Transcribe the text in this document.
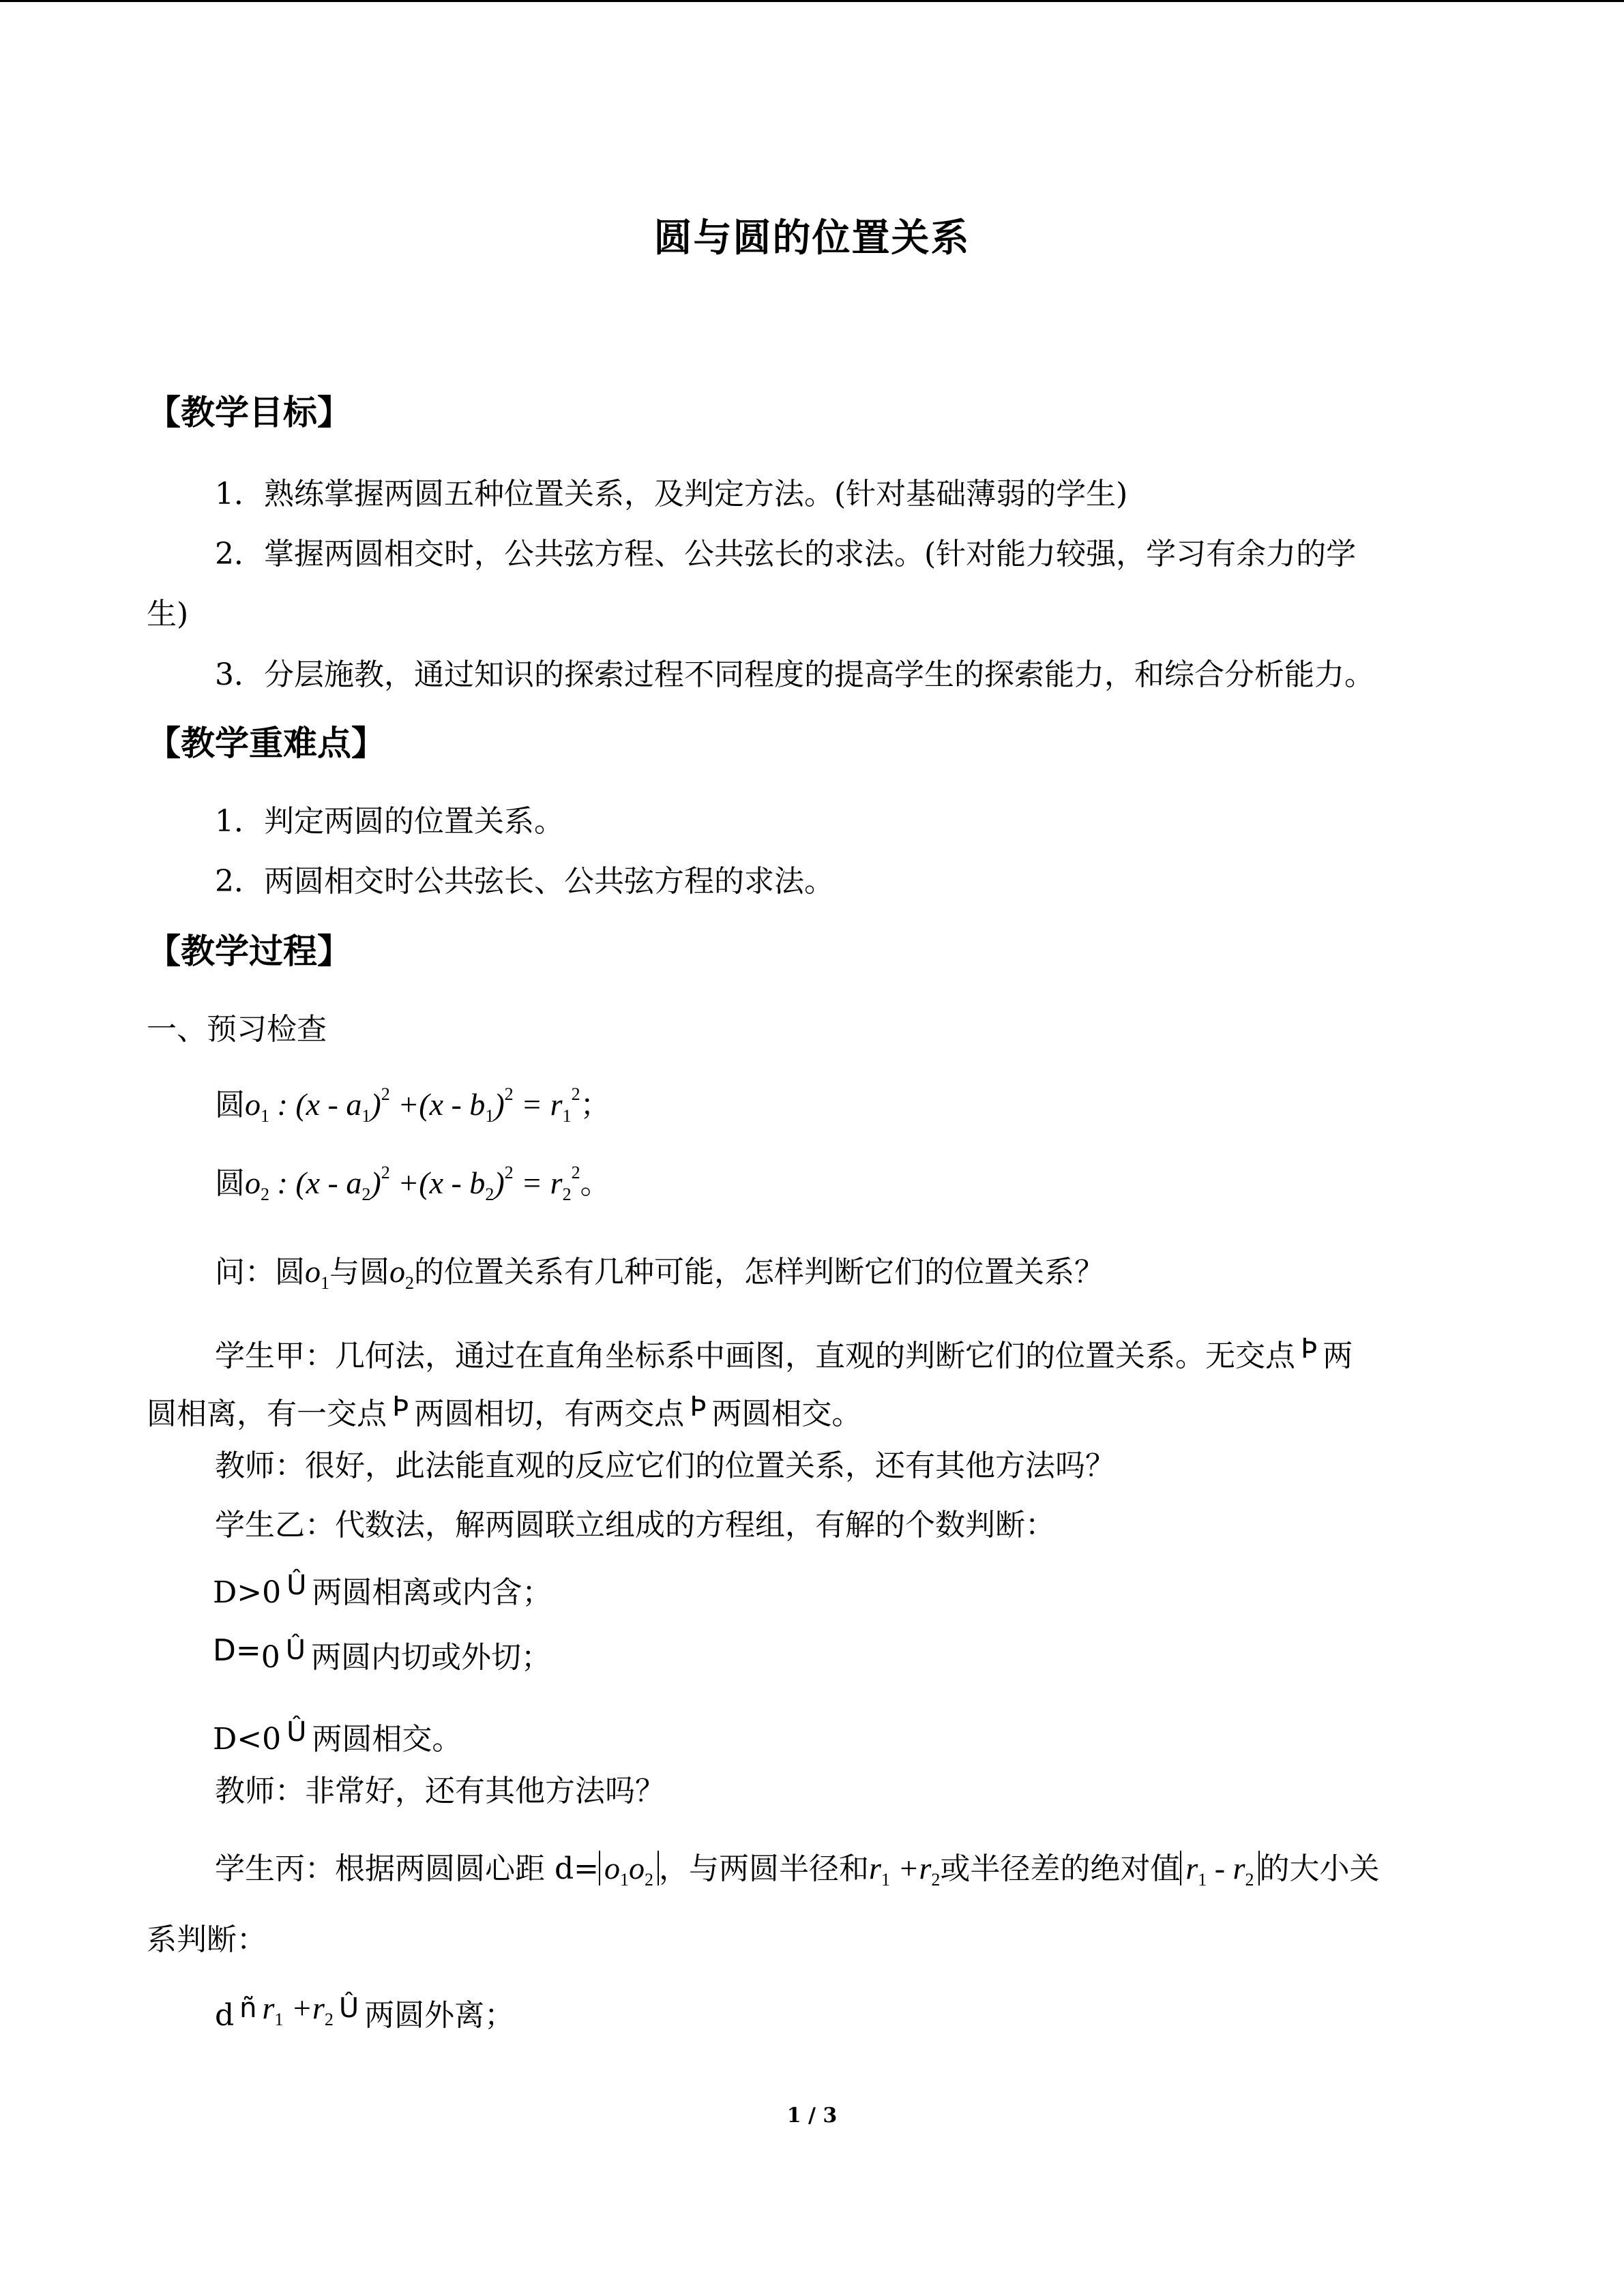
圆与圆的位置关系
【教学目标】
1．熟练掌握两圆五种位置关系，及判定方法。(针对基础薄弱的学生)
2．掌握两圆相交时，公共弦方程、公共弦长的求法。(针对能力较强，学习有余力的学
生)
3．分层施教，通过知识的探索过程不同程度的提高学生的探索能力，和综合分析能力。
【教学重难点】
1．判定两圆的位置关系。
2．两圆相交时公共弦长、公共弦方程的求法。
【教学过程】
一、预习检查
圆$o_1$ : $(x - a_1)^2 +(x - b_1)^2 = r_1^2$；
圆$o_2$ : $(x - a_2)^2 +(x - b_2)^2 = r_2^2$。
问：圆$o_1$与圆$o_2$的位置关系有几种可能，怎样判断它们的位置关系？
学生甲：几何法，通过在直角坐标系中画图，直观的判断它们的位置关系。无交点 Þ 两
圆相离，有一交点 Þ 两圆相切，有两交点 Þ 两圆相交。
教师：很好，此法能直观的反应它们的位置关系，还有其他方法吗？
学生乙：代数法，解两圆联立组成的方程组，有解的个数判断：
D>0 Û 两圆相离或内含；
D=0 Û 两圆内切或外切；
D<0 Û 两圆相交。
教师：非常好，还有其他方法吗？
学生丙：根据两圆圆心距 $d= o_1o_2$ ，与两圆半径和$r_1 +r_2$或半径差的绝对值 $r_1 - r_2$ 的大小关
系判断：
d ñ $r_1 +r_2$ Û 两圆外离；
1 / 3
